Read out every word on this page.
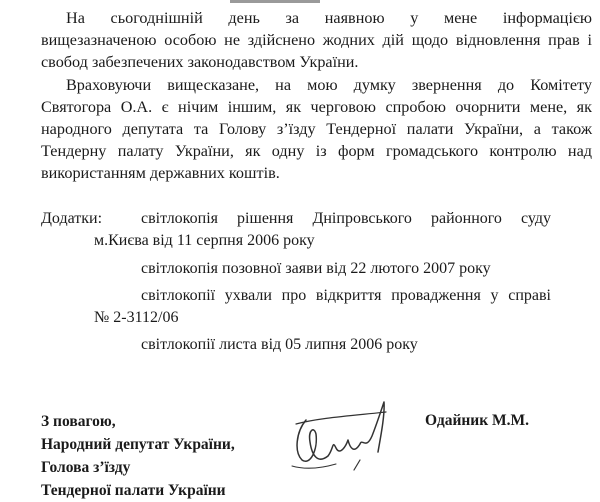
На сьогоднішній день за наявною у мене інформацією
вищезазначеною особою не здійснено жодних дій щодо відновлення прав і
свобод забезпечених законодавством України.

Враховуючи вищесказане, на мою думку звернення до Комітету
Святогора О.А. є нічим іншим, як черговою спробою очорнити мене, як
народного депутата та Голову з’їзду Тендерної палати України, а також
Тендерну палату України, як одну із форм громадського контролю над
використанням державних коштів.

Додатки: світлокопія рішення Дніпровського районного суду
м.Києва від 11 серпня 2006 року
світлокопія позовної заяви від 22 лютого 2007 року
світлокопії ухвали про відкриття провадження у справі
№ 2-3112/06
світлокопії листа від 05 липня 2006 року
З повагою,
Народний депутат України,
Голова з’їзду
Тендерної палати України
Одайник М.М.
